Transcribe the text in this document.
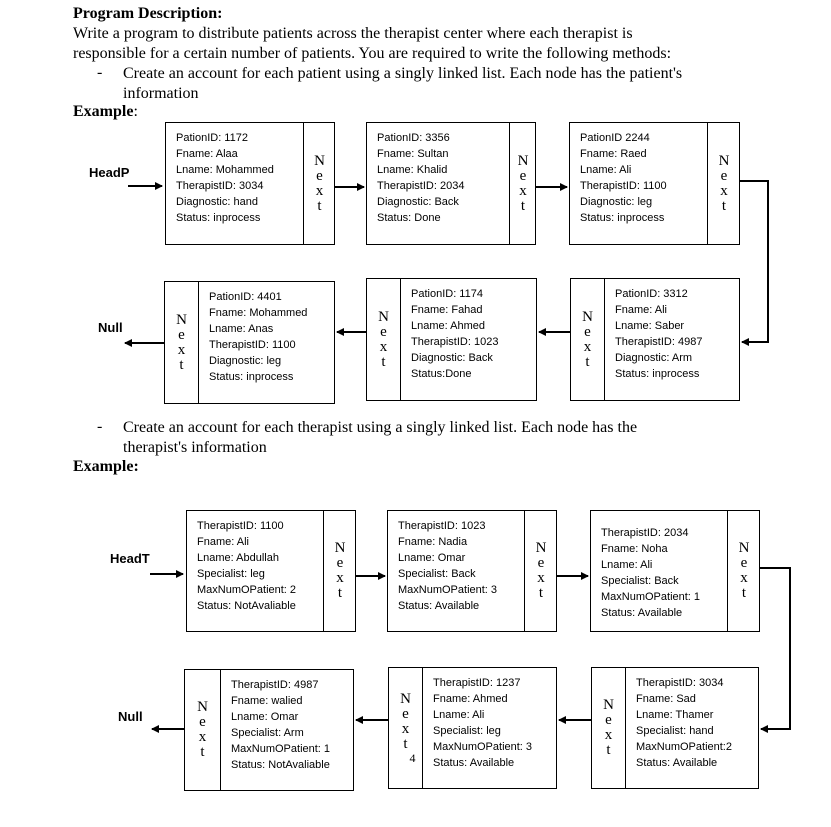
Program Description:
Write a program to distribute patients across the therapist center where each therapist is
responsible for a certain number of patients. You are required to write the following methods:
- Create an account for each patient using a singly linked list. Each node has the patient's
information
Example:
HeadP
PationID: 1172
Fname: Alaa
Lname: Mohammed
TherapistID: 3034
Diagnostic: hand
Status: inprocess
N
e
x
t
PationID: 3356
Fname: Sultan
Lname: Khalid
TherapistID: 2034
Diagnostic: Back
Status: Done
N
e
x
t
PationID 2244
Fname: Raed
Lname: Ali
TherapistID: 1100
Diagnostic: leg
Status: inprocess
N
e
x
t
N
e
x
t
PationID: 3312
Fname: Ali
Lname: Saber
TherapistID: 4987
Diagnostic: Arm
Status: inprocess
N
e
x
t
PationID: 1174
Fname: Fahad
Lname: Ahmed
TherapistID: 1023
Diagnostic: Back
Status:Done
N
e
x
t
PationID: 4401
Fname: Mohammed
Lname: Anas
TherapistID: 1100
Diagnostic: leg
Status: inprocess
Null
- Create an account for each therapist using a singly linked list. Each node has the
therapist's information
Example:
HeadT
TherapistID: 1100
Fname: Ali
Lname: Abdullah
Specialist: leg
MaxNumOPatient: 2
Status: NotAvaliable
N
e
x
t
TherapistID: 1023
Fname: Nadia
Lname: Omar
Specialist: Back
MaxNumOPatient: 3
Status: Available
N
e
x
t
TherapistID: 2034
Fname: Noha
Lname: Ali
Specialist: Back
MaxNumOPatient: 1
Status: Available
N
e
x
t
N
e
x
t
TherapistID: 3034
Fname: Sad
Lname: Thamer
Specialist: hand
MaxNumOPatient:2
Status: Available
N
e
x
t
4
TherapistID: 1237
Fname: Ahmed
Lname: Ali
Specialist: leg
MaxNumOPatient: 3
Status: Available
N
e
x
t
TherapistID: 4987
Fname: walied
Lname: Omar
Specialist: Arm
MaxNumOPatient: 1
Status: NotAvaliable
Null
